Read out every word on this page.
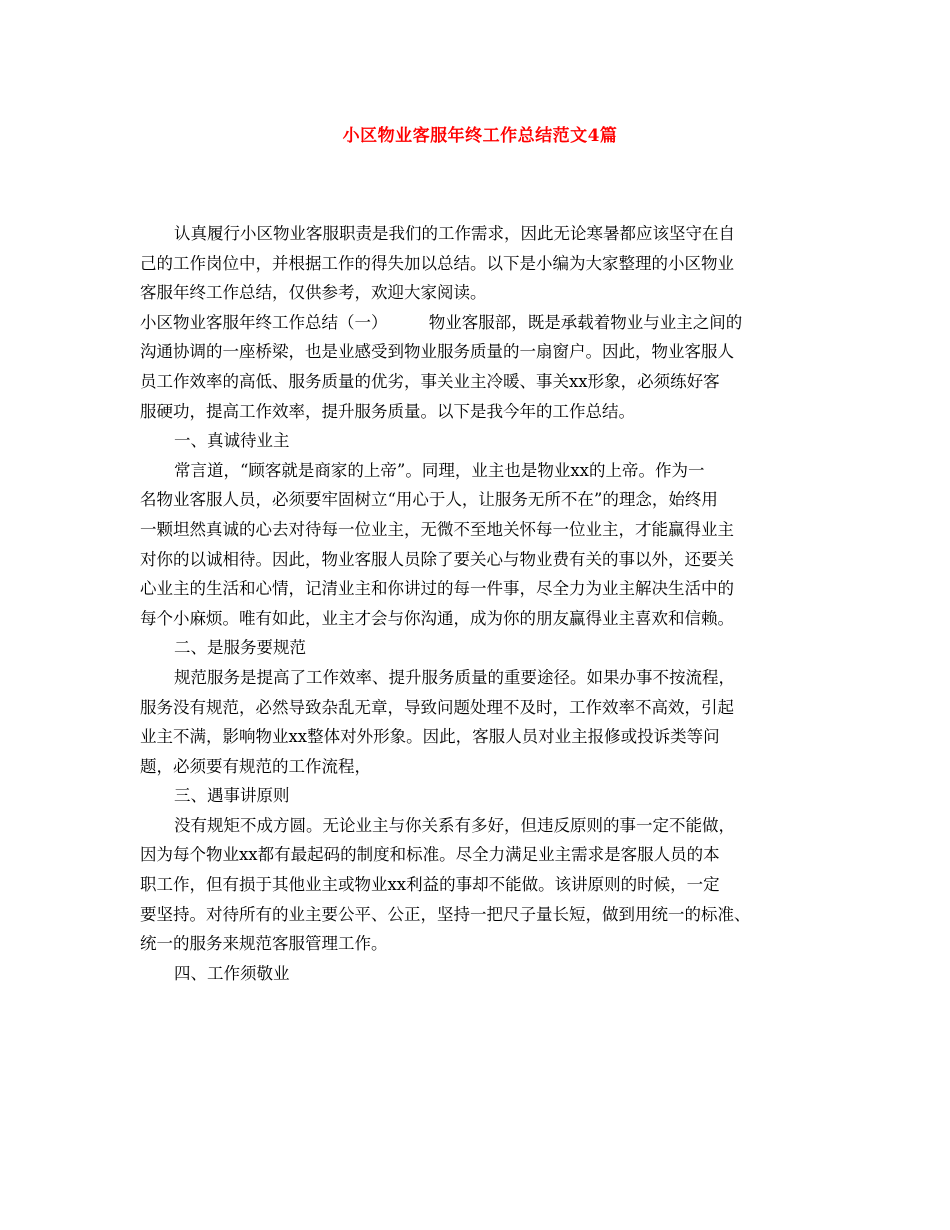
小区物业客服年终工作总结范文4篇
认真履行小区物业客服职责是我们的工作需求，因此无论寒暑都应该坚守在自
己的工作岗位中，并根据工作的得失加以总结。以下是小编为大家整理的小区物业
客服年终工作总结，仅供参考，欢迎大家阅读。
小区物业客服年终工作总结（一）　　　物业客服部，既是承载着物业与业主之间的
沟通协调的一座桥梁，也是业感受到物业服务质量的一扇窗户。因此，物业客服人
员工作效率的高低、服务质量的优劣，事关业主冷暖、事关xx形象，必须练好客
服硬功，提高工作效率，提升服务质量。以下是我今年的工作总结。
一、真诚待业主
常言道，“顾客就是商家的上帝”。同理，业主也是物业xx的上帝。作为一
名物业客服人员，必须要牢固树立“用心于人，让服务无所不在”的理念，始终用
一颗坦然真诚的心去对待每一位业主，无微不至地关怀每一位业主，才能赢得业主
对你的以诚相待。因此，物业客服人员除了要关心与物业费有关的事以外，还要关
心业主的生活和心情，记清业主和你讲过的每一件事，尽全力为业主解决生活中的
每个小麻烦。唯有如此，业主才会与你沟通，成为你的朋友赢得业主喜欢和信赖。
二、是服务要规范
规范服务是提高了工作效率、提升服务质量的重要途径。如果办事不按流程，
服务没有规范，必然导致杂乱无章，导致问题处理不及时，工作效率不高效，引起
业主不满，影响物业xx整体对外形象。因此，客服人员对业主报修或投诉类等问
题，必须要有规范的工作流程，
三、遇事讲原则
没有规矩不成方圆。无论业主与你关系有多好，但违反原则的事一定不能做，
因为每个物业xx都有最起码的制度和标准。尽全力满足业主需求是客服人员的本
职工作，但有损于其他业主或物业xx利益的事却不能做。该讲原则的时候，一定
要坚持。对待所有的业主要公平、公正，坚持一把尺子量长短，做到用统一的标准、
统一的服务来规范客服管理工作。
四、工作须敬业
